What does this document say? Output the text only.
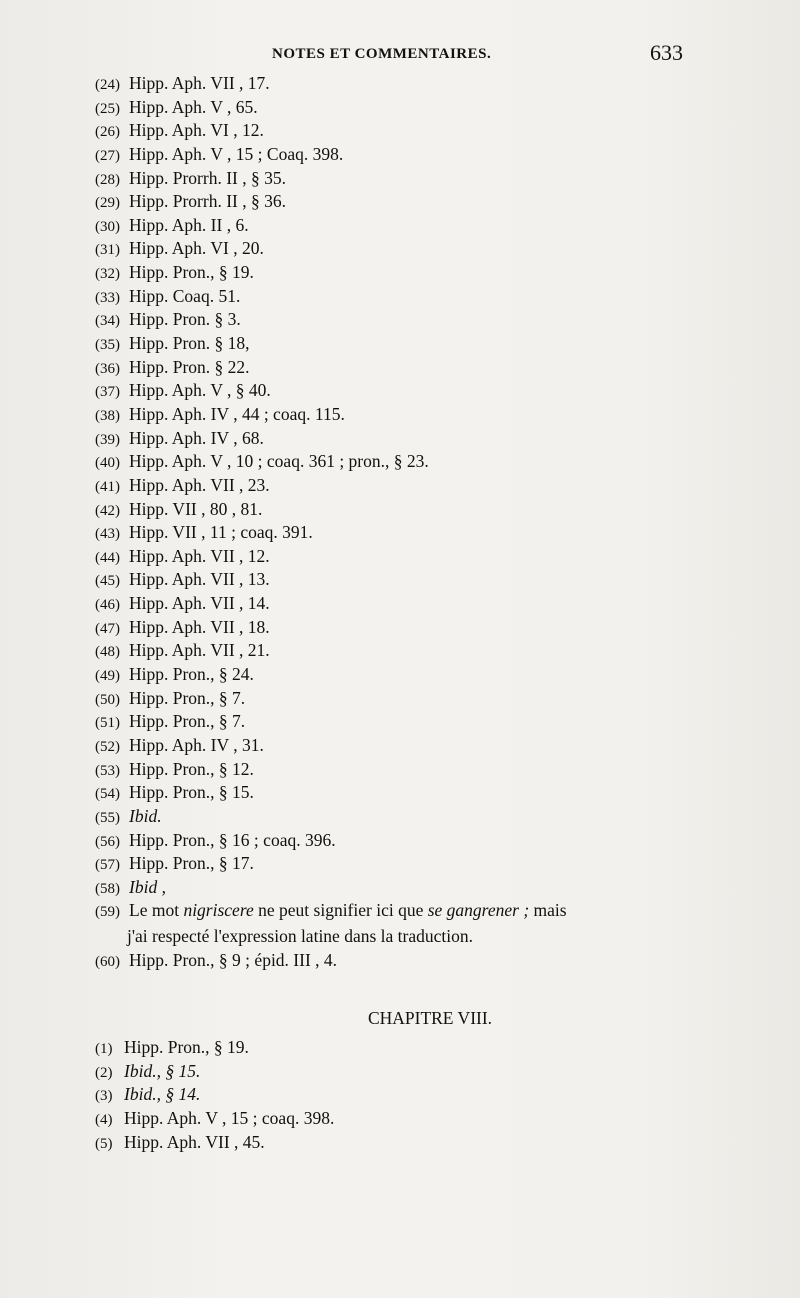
NOTES ET COMMENTAIRES.	633
(24) Hipp. Aph. VII , 17.
(25) Hipp. Aph. V , 65.
(26) Hipp. Aph. VI , 12.
(27) Hipp. Aph. V , 15 ; Coaq. 398.
(28) Hipp. Prorrh. II , § 35.
(29) Hipp. Prorrh. II , § 36.
(30) Hipp. Aph. II , 6.
(31) Hipp. Aph. VI , 20.
(32) Hipp. Pron., § 19.
(33) Hipp. Coaq. 51.
(34) Hipp. Pron. § 3.
(35) Hipp. Pron. § 18,
(36) Hipp. Pron. § 22.
(37) Hipp. Aph. V , § 40.
(38) Hipp. Aph. IV , 44 ; coaq. 115.
(39) Hipp. Aph. IV , 68.
(40) Hipp. Aph. V , 10 ; coaq. 361 ; pron., § 23.
(41) Hipp. Aph. VII , 23.
(42) Hipp. VII , 80 , 81.
(43) Hipp. VII , 11 ; coaq. 391.
(44) Hipp. Aph. VII , 12.
(45) Hipp. Aph. VII , 13.
(46) Hipp. Aph. VII , 14.
(47) Hipp. Aph. VII , 18.
(48) Hipp. Aph. VII , 21.
(49) Hipp. Pron., § 24.
(50) Hipp. Pron., § 7.
(51) Hipp. Pron., § 7.
(52) Hipp. Aph. IV , 31.
(53) Hipp. Pron., § 12.
(54) Hipp. Pron., § 15.
(55) Ibid.
(56) Hipp. Pron., § 16 ; coaq. 396.
(57) Hipp. Pron., § 17.
(58) Ibid ,
(59) Le mot nigriscere ne peut signifier ici que se gangrener ; mais
j'ai respecté l'expression latine dans la traduction.
(60) Hipp. Pron., § 9 ; épid. III , 4.
CHAPITRE VIII.
(1) Hipp. Pron., § 19.
(2) Ibid., § 15.
(3) Ibid., § 14.
(4) Hipp. Aph. V , 15 ; coaq. 398.
(5) Hipp. Aph. VII , 45.
